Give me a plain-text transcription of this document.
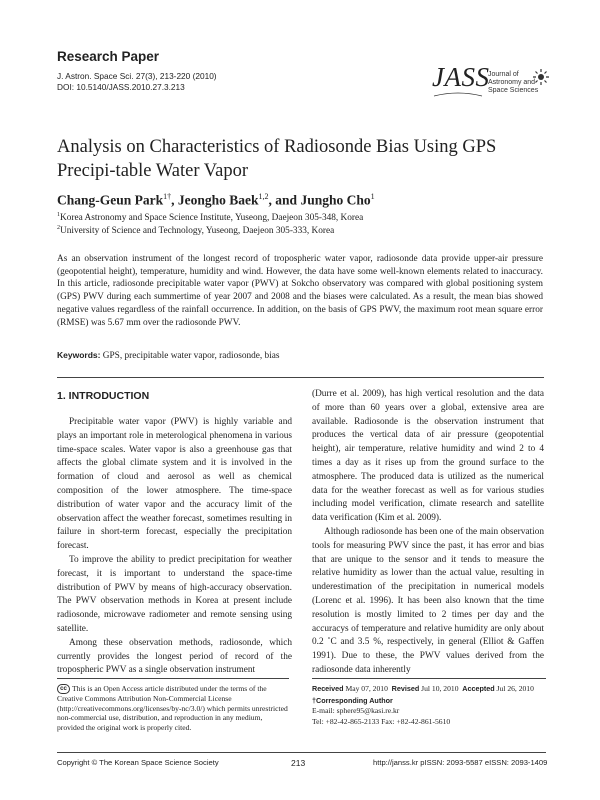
Research Paper
J. Astron. Space Sci. 27(3), 213-220 (2010)
DOI: 10.5140/JASS.2010.27.3.213	JASS
Journal of
Astronomy and
Space Sciences
Analysis on Characteristics of Radiosonde Bias Using GPS Precipi-table Water Vapor
Chang-Geun Park$^{1\dagger}$, Jeongho Baek$^{1,2}$, and Jungho Cho$^1$
$^1$Korea Astronomy and Space Science Institute, Yuseong, Daejeon 305-348, Korea
$^2$University of Science and Technology, Yuseong, Daejeon 305-333, Korea
As an observation instrument of the longest record of tropospheric water vapor, radiosonde data provide upper-air pressure (geopotential height), temperature, humidity and wind. However, the data have some well-known elements related to inaccuracy. In this article, radiosonde precipitable water vapor (PWV) at Sokcho observatory was compared with global positioning system (GPS) PWV during each summertime of year 2007 and 2008 and the biases were calculated. As a result, the mean bias showed negative values regardless of the rainfall occurrence. In addition, on the basis of GPS PWV, the maximum root mean square error (RMSE) was 5.67 mm over the radiosonde PWV.
Keywords: GPS, precipitable water vapor, radiosonde, bias
1. INTRODUCTION

Precipitable water vapor (PWV) is highly variable and plays an important role in meterological phenomena in various time-space scales. Water vapor is also a greenhouse gas that affects the global climate system and it is involved in the formation of cloud and aerosol as well as chemical composition of the lower atmosphere. The time-space distribution of water vapor and the accuracy limit of the observation affect the weather forecast, sometimes resulting in failure in short-term forecast, especially the precipitation forecast.

To improve the ability to predict precipitation for weather forecast, it is important to understand the space-time distribution of PWV by means of high-accuracy observation. The PWV observation methods in Korea at present include radiosonde, microwave radiometer and remote sensing using satellite.

Among these observation methods, radiosonde, which currently provides the longest period of record of the tropospheric PWV as a single observation instrument

(Durre et al. 2009), has high vertical resolution and the data of more than 60 years over a global, extensive area are available. Radiosonde is the observation instrument that produces the vertical data of air pressure (geopotential height), air temperature, relative humidity and wind 2 to 4 times a day as it rises up from the ground surface to the atmosphere. The produced data is utilized as the numerical data for the weather forecast as well as for various studies including model verification, climate research and satellite data verification (Kim et al. 2009).

Although radiosonde has been one of the main observation tools for measuring PWV since the past, it has error and bias that are unique to the sensor and it tends to measure the relative humidity as lower than the actual value, resulting in underestimation of the precipitation in numerical models (Lorenc et al. 1996). It has been also known that the time resolution is mostly limited to 2 times per day and the accuracys of temperature and relative humidity are only about 0.2 ˚C and 3.5 %, respectively, in general (Elliot & Gaffen 1991). Due to these, the PWV values derived from the radiosonde data inherently

cc This is an Open Access article distributed under the terms of the Creative Commons Attribution Non-Commercial License (http://creativecommons.org/licenses/by-nc/3.0/) which permits unrestricted non-commercial use, distribution, and reproduction in any medium, provided the original work is properly cited.
Received May 07, 2010 Revised Jul 10, 2010 Accepted Jul 26, 2010
†Corresponding Author
E-mail: sphere95@kasi.re.kr
Tel: +82-42-865-2133 Fax: +82-42-861-5610
Copyright © The Korean Space Science Society	213	http://janss.kr pISSN: 2093-5587 eISSN: 2093-1409
